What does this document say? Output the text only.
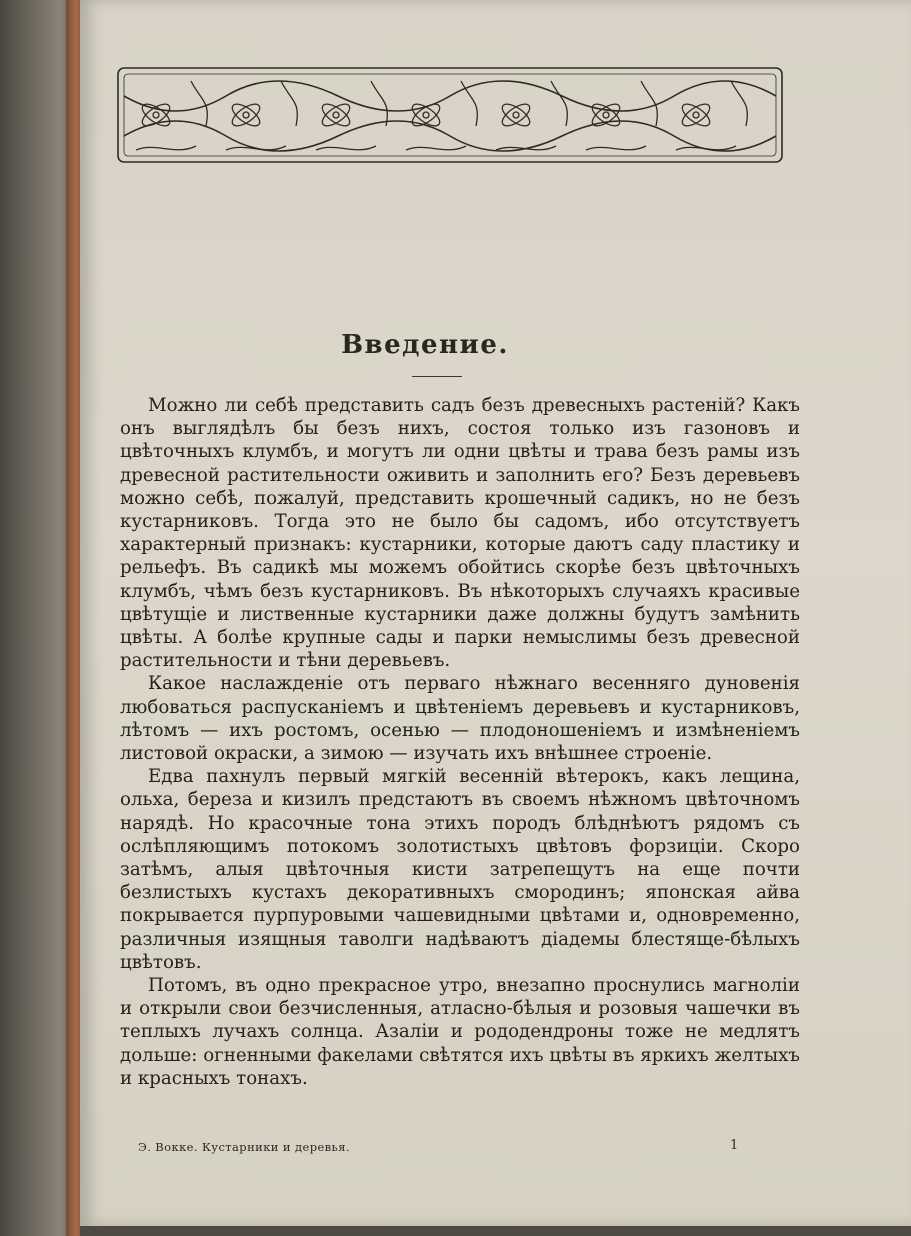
Введение.

Можно ли себѣ представить садъ безъ древесныхъ растеній? Какъ онъ выглядѣлъ бы безъ нихъ, состоя только изъ газоновъ и цвѣточныхъ клумбъ, и могутъ ли одни цвѣты и трава безъ рамы изъ древесной растительности оживить и заполнить его? Безъ деревьевъ можно себѣ, пожалуй, представить крошечный садикъ, но не безъ кустарниковъ. Тогда это не было бы садомъ, ибо отсутствуетъ характерный признакъ: кустарники, которые даютъ саду пластику и рельефъ. Въ садикѣ мы можемъ обойтись скорѣе безъ цвѣточныхъ клумбъ, чѣмъ безъ кустарниковъ. Въ нѣкоторыхъ случаяхъ красивые цвѣтущіе и лиственные кустарники даже должны будутъ замѣнить цвѣты. А болѣе крупные сады и парки немыслимы безъ древесной растительности и тѣни деревьевъ.

Какое наслажденіе отъ перваго нѣжнаго весенняго дуновенія любоваться распусканіемъ и цвѣтеніемъ деревьевъ и кустарниковъ, лѣтомъ — ихъ ростомъ, осенью — плодоношеніемъ и измѣненіемъ листовой окраски, а зимою — изучать ихъ внѣшнее строеніе.

Едва пахнулъ первый мягкій весенній вѣтерокъ, какъ лещина, ольха, береза и кизилъ предстаютъ въ своемъ нѣжномъ цвѣточномъ нарядѣ. Но красочные тона этихъ породъ блѣднѣютъ рядомъ съ ослѣпляющимъ потокомъ золотистыхъ цвѣтовъ форзиціи. Скоро затѣмъ, алыя цвѣточныя кисти затрепещутъ на еще почти безлистыхъ кустахъ декоративныхъ смородинъ; японская айва покрывается пурпуровыми чашевидными цвѣтами и, одновременно, различныя изящныя таволги надѣваютъ діадемы блестяще-бѣлыхъ цвѣтовъ.

Потомъ, въ одно прекрасное утро, внезапно проснулись магноліи и открыли свои безчисленныя, атласно-бѣлыя и розовыя чашечки въ теплыхъ лучахъ солнца. Азаліи и рододендроны тоже не медлятъ дольше: огненными факелами свѣтятся ихъ цвѣты въ яркихъ желтыхъ и красныхъ тонахъ.

Э. Вокке. Кустарники и деревья.	1
